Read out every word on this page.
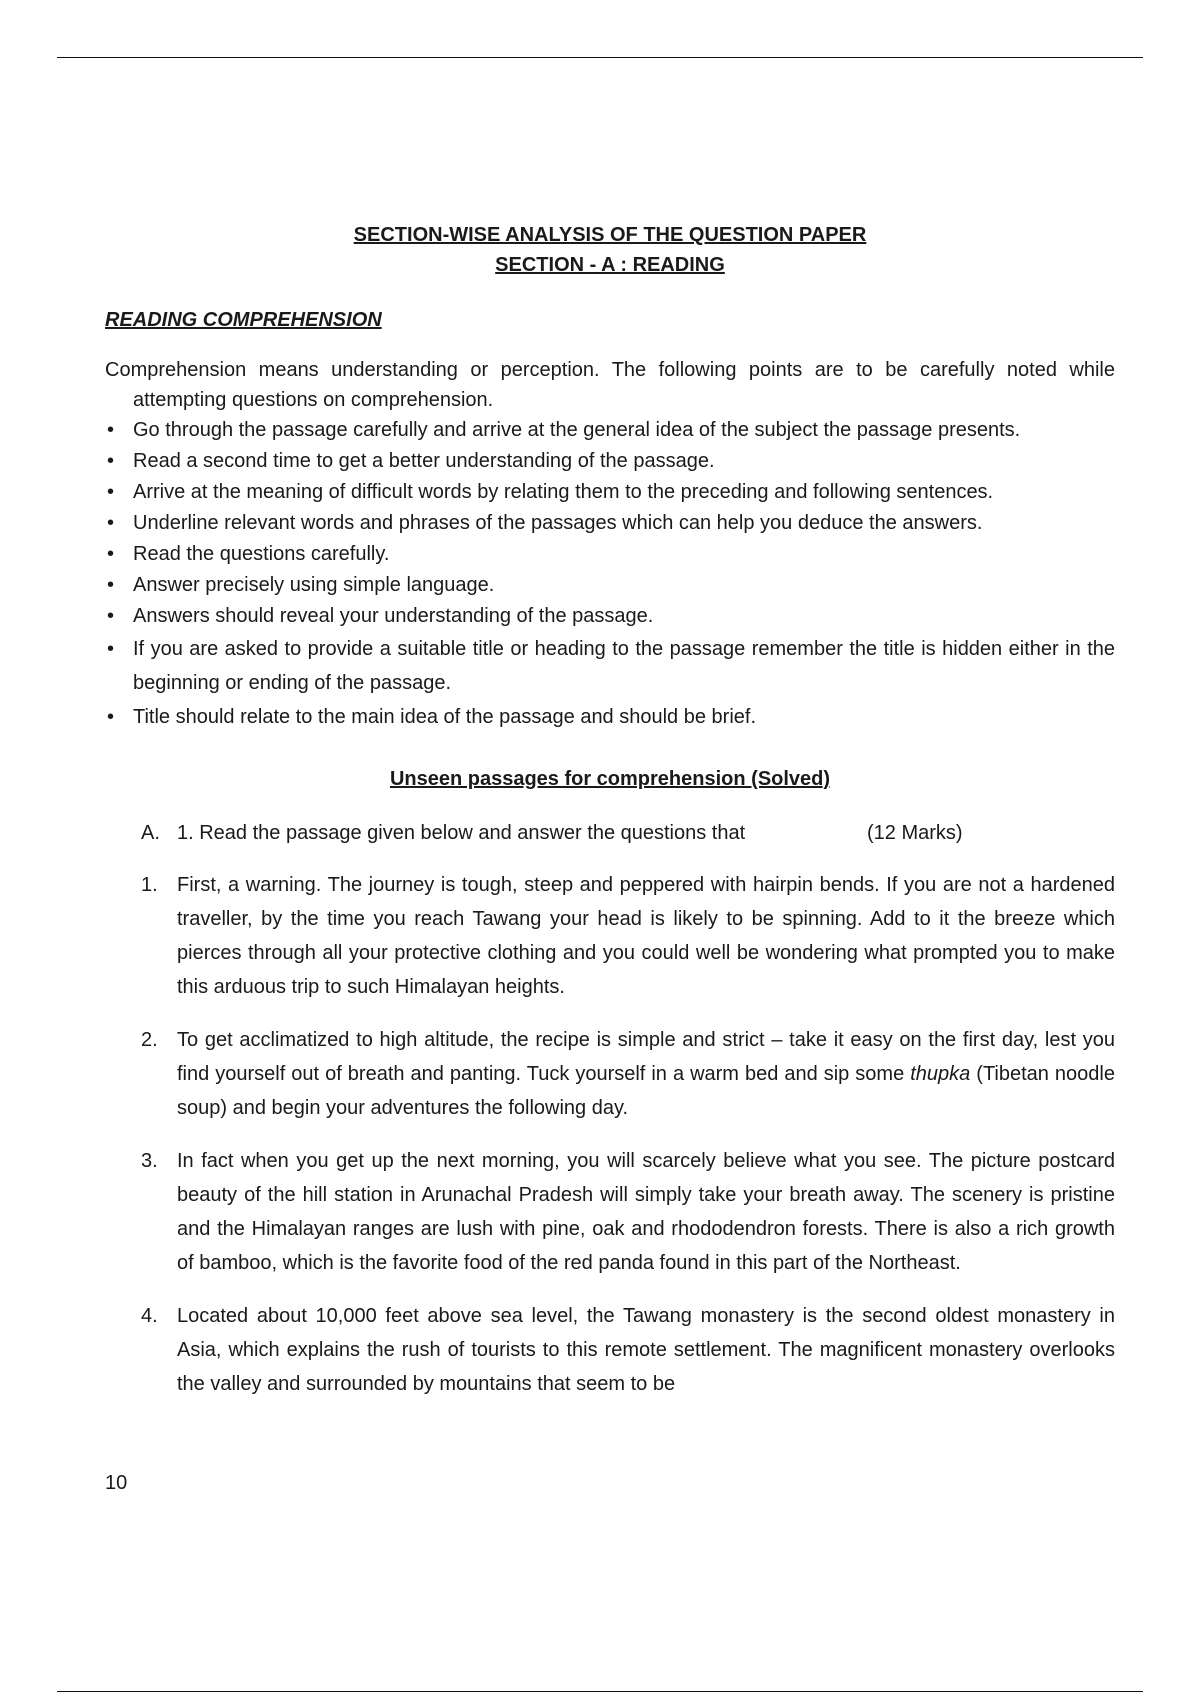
SECTION-WISE ANALYSIS OF THE QUESTION PAPER
SECTION - A : READING
READING COMPREHENSION

Comprehension means understanding or perception. The following points are to be carefully noted while attempting questions on comprehension.

• Go through the passage carefully and arrive at the general idea of the subject the passage presents.
• Read a second time to get a better understanding of the passage.
• Arrive at the meaning of difficult words by relating them to the preceding and following sentences.
• Underline relevant words and phrases of the passages which can help you deduce the answers.
• Read the questions carefully.
• Answer precisely using simple language.
• Answers should reveal your understanding of the passage.
• If you are asked to provide a suitable title or heading to the passage remember the title is hidden either in the beginning or ending of the passage.
• Title should relate to the main idea of the passage and should be brief.
Unseen passages for comprehension (Solved)
A. 1. Read the passage given below and answer the questions that	(12 Marks)
1. First, a warning. The journey is tough, steep and peppered with hairpin bends. If you are not a hardened traveller, by the time you reach Tawang your head is likely to be spinning. Add to it the breeze which pierces through all your protective clothing and you could well be wondering what prompted you to make this arduous trip to such Himalayan heights.
2. To get acclimatized to high altitude, the recipe is simple and strict – take it easy on the first day, lest you find yourself out of breath and panting. Tuck yourself in a warm bed and sip some thupka (Tibetan noodle soup) and begin your adventures the following day.
3. In fact when you get up the next morning, you will scarcely believe what you see. The picture postcard beauty of the hill station in Arunachal Pradesh will simply take your breath away. The scenery is pristine and the Himalayan ranges are lush with pine, oak and rhododendron forests. There is also a rich growth of bamboo, which is the favorite food of the red panda found in this part of the Northeast.
4. Located about 10,000 feet above sea level, the Tawang monastery is the second oldest monastery in Asia, which explains the rush of tourists to this remote settlement. The magnificent monastery overlooks the valley and surrounded by mountains that seem to be
10
